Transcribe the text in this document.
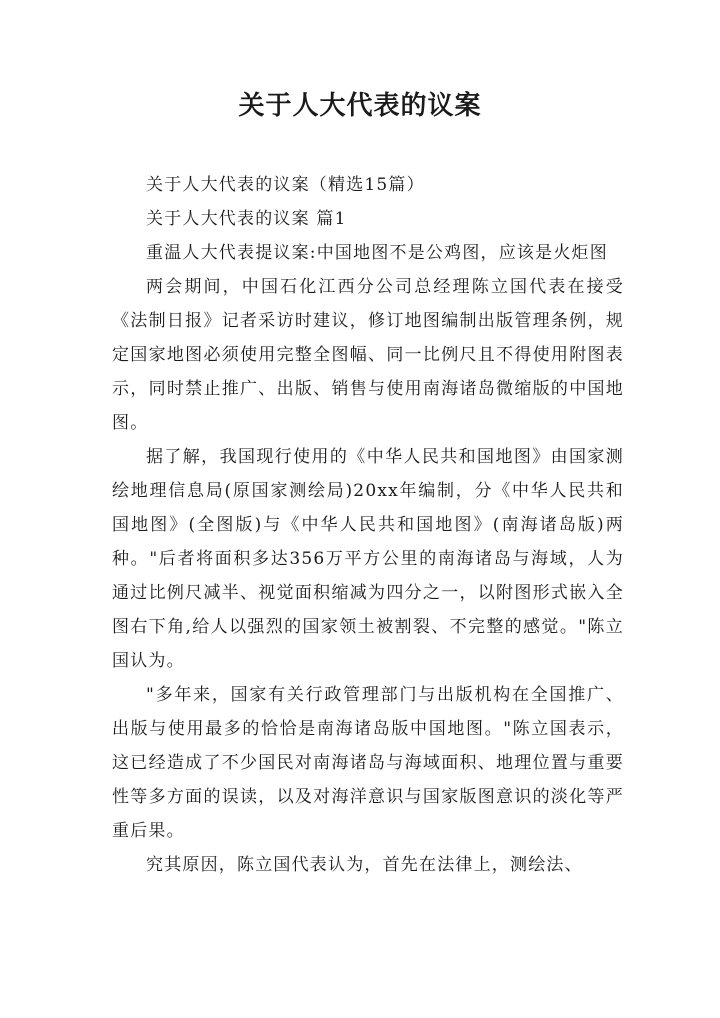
关于人大代表的议案

关于人大代表的议案（精选15篇）

关于人大代表的议案 篇1

重温人大代表提议案:中国地图不是公鸡图，应该是火炬图

两会期间，中国石化江西分公司总经理陈立国代表在接受《法制日报》记者采访时建议，修订地图编制出版管理条例，规定国家地图必须使用完整全图幅、同一比例尺且不得使用附图表示，同时禁止推广、出版、销售与使用南海诸岛微缩版的中国地图。

据了解，我国现行使用的《中华人民共和国地图》由国家测绘地理信息局(原国家测绘局)20xx年编制，分《中华人民共和国地图》(全图版)与《中华人民共和国地图》(南海诸岛版)两种。"后者将面积多达356万平方公里的南海诸岛与海域，人为通过比例尺减半、视觉面积缩减为四分之一，以附图形式嵌入全图右下角,给人以强烈的国家领土被割裂、不完整的感觉。"陈立国认为。

"多年来，国家有关行政管理部门与出版机构在全国推广、出版与使用最多的恰恰是南海诸岛版中国地图。"陈立国表示，这已经造成了不少国民对南海诸岛与海域面积、地理位置与重要性等多方面的误读，以及对海洋意识与国家版图意识的淡化等严重后果。

究其原因，陈立国代表认为，首先在法律上，测绘法、
